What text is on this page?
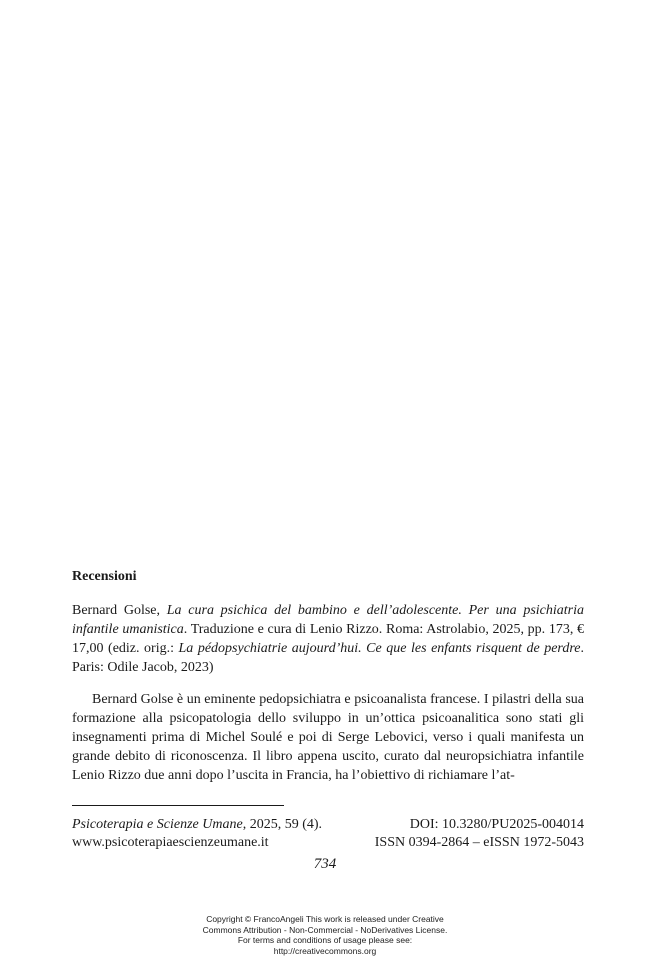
Recensioni

Bernard Golse, La cura psichica del bambino e dell’adolescente. Per una psichiatria infantile umanistica. Traduzione e cura di Lenio Rizzo. Roma: Astrolabio, 2025, pp. 173, € 17,00 (ediz. orig.: La pédopsychiatrie aujourd’hui. Ce que les enfants risquent de perdre. Paris: Odile Jacob, 2023)

Bernard Golse è un eminente pedopsichiatra e psicoanalista francese. I pilastri della sua formazione alla psicopatologia dello sviluppo in un’ottica psicoanalitica sono stati gli insegnamenti prima di Michel Soulé e poi di Serge Lebovici, verso i quali manifesta un grande debito di riconoscenza. Il libro appena uscito, curato dal neuropsichiatra infantile Lenio Rizzo due anni dopo l’uscita in Francia, ha l’obiettivo di richiamare l’at-

Psicoterapia e Scienze Umane, 2025, 59 (4).
www.psicoterapiaescienzeumane.it
DOI: 10.3280/PU2025-004014
ISSN 0394-2864 – eISSN 1972-5043
734
Copyright © FrancoAngeli This work is released under Creative
Commons Attribution - Non-Commercial - NoDerivatives License.
For terms and conditions of usage please see:
http://creativecommons.org
